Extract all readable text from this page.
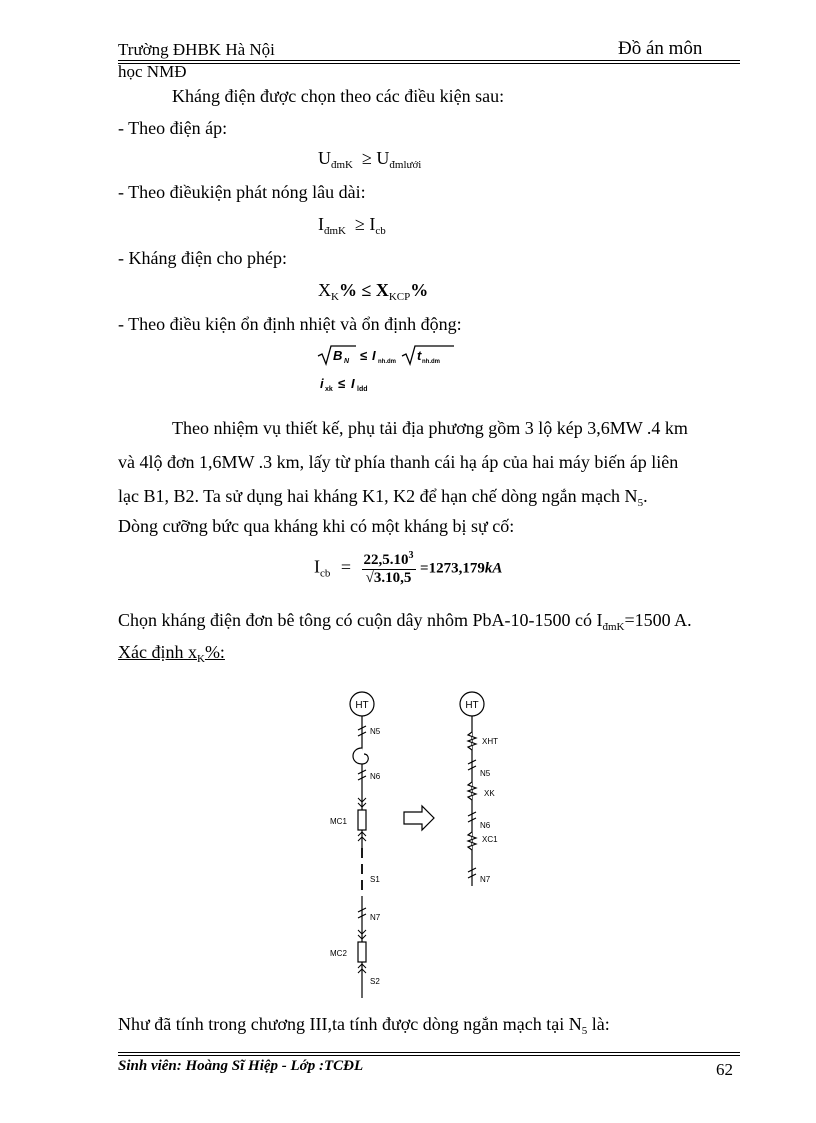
Trường ĐHBK Hà Nội	Đồ án môn
học NMĐ
Kháng điện được chọn theo các điều kiện sau:
- Theo điện áp:
$U_{đmK} \ge U_{đmlưới}$
- Theo điềukiện phát nóng lâu dài:
$I_{đmK} \ge I_{cb}$
- Kháng điện cho phép:
$X_K\% \le X_{KCP}\%$
- Theo điều kiện ổn định nhiệt và ổn định động:
B N ≤ I nh.dm t nh.dm
i xk ≤ I ldd
Theo nhiệm vụ thiết kế, phụ tải địa phương gồm 3 lộ kép 3,6MW .4 km
và 4lộ đơn 1,6MW .3 km, lấy từ phía thanh cái hạ áp của hai máy biến áp liên
lạc B1, B2. Ta sử dụng hai kháng K1, K2 để hạn chế dòng ngắn mạch $N_5$.
Dòng cưỡng bức qua kháng khi có một kháng bị sự cố:
$I_{cb} = \frac{22,5.10^3}{√3.10,5} =1273,179kA$
Chọn kháng điện đơn bê tông có cuộn dây nhôm PbA-10-1500 có $I_{đmK}=1500$ A.
Xác định $x_K\%$:
HT
N5
N6
MC1
S1
N7
MC2
S2
HT
XHT
N5
XK
N6
XC1
N7
Như đã tính trong chương III,ta tính được dòng ngắn mạch tại $N_5$ là:
Sinh viên: Hoàng Sĩ Hiệp - Lớp :TCĐL	62
